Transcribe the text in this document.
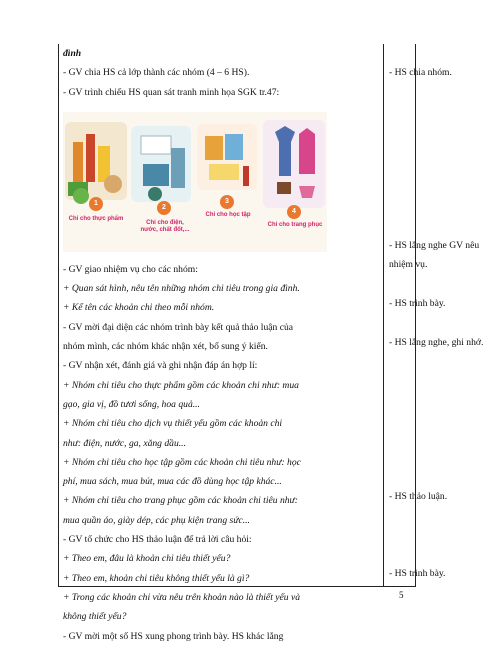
đình
- GV chia HS cả lớp thành các nhóm (4 – 6 HS).
- GV trình chiếu HS quan sát tranh minh họa SGK tr.47:
1
2
3
4
Chi cho thực phẩm
Chi cho điện, nước, chất đốt,...
Chi cho học tập
Chi cho trang phục
- GV giao nhiệm vụ cho các nhóm:
+ Quan sát hình, nêu tên những nhóm chi tiêu trong gia đình.
+ Kể tên các khoản chi theo mỗi nhóm.
- GV mời đại diện các nhóm trình bày kết quả thảo luận của
nhóm mình, các nhóm khác nhận xét, bổ sung ý kiến.
- GV nhận xét, đánh giá và ghi nhận đáp án hợp lí:
+ Nhóm chi tiêu cho thực phẩm gồm các khoản chi như: mua
gạo, gia vị, đồ tươi sống, hoa quả...
+ Nhóm chi tiêu cho dịch vụ thiết yếu gồm các khoản chi
như: điện, nước, ga, xăng dầu...
+ Nhóm chi tiêu cho học tập gồm các khoản chi tiêu như: học
phí, mua sách, mua bút, mua các đồ dùng học tập khác...
+ Nhóm chi tiêu cho trang phục gồm các khoản chi tiêu như:
mua quần áo, giày dép, các phụ kiện trang sức...
- GV tổ chức cho HS thảo luận để trả lời câu hỏi:
+ Theo em, đâu là khoản chi tiêu thiết yếu?
+ Theo em, khoản chi tiêu không thiết yếu là gì?
+ Trong các khoản chi vừa nêu trên khoản nào là thiết yếu và
không thiết yếu?
- GV mời một số HS xung phong trình bày. HS khác lắng
- HS chia nhóm.
- HS lắng nghe GV nêu
nhiệm vụ.
- HS trình bày.
- HS lắng nghe, ghi nhớ.
- HS thảo luận.
- HS trình bày.
5
